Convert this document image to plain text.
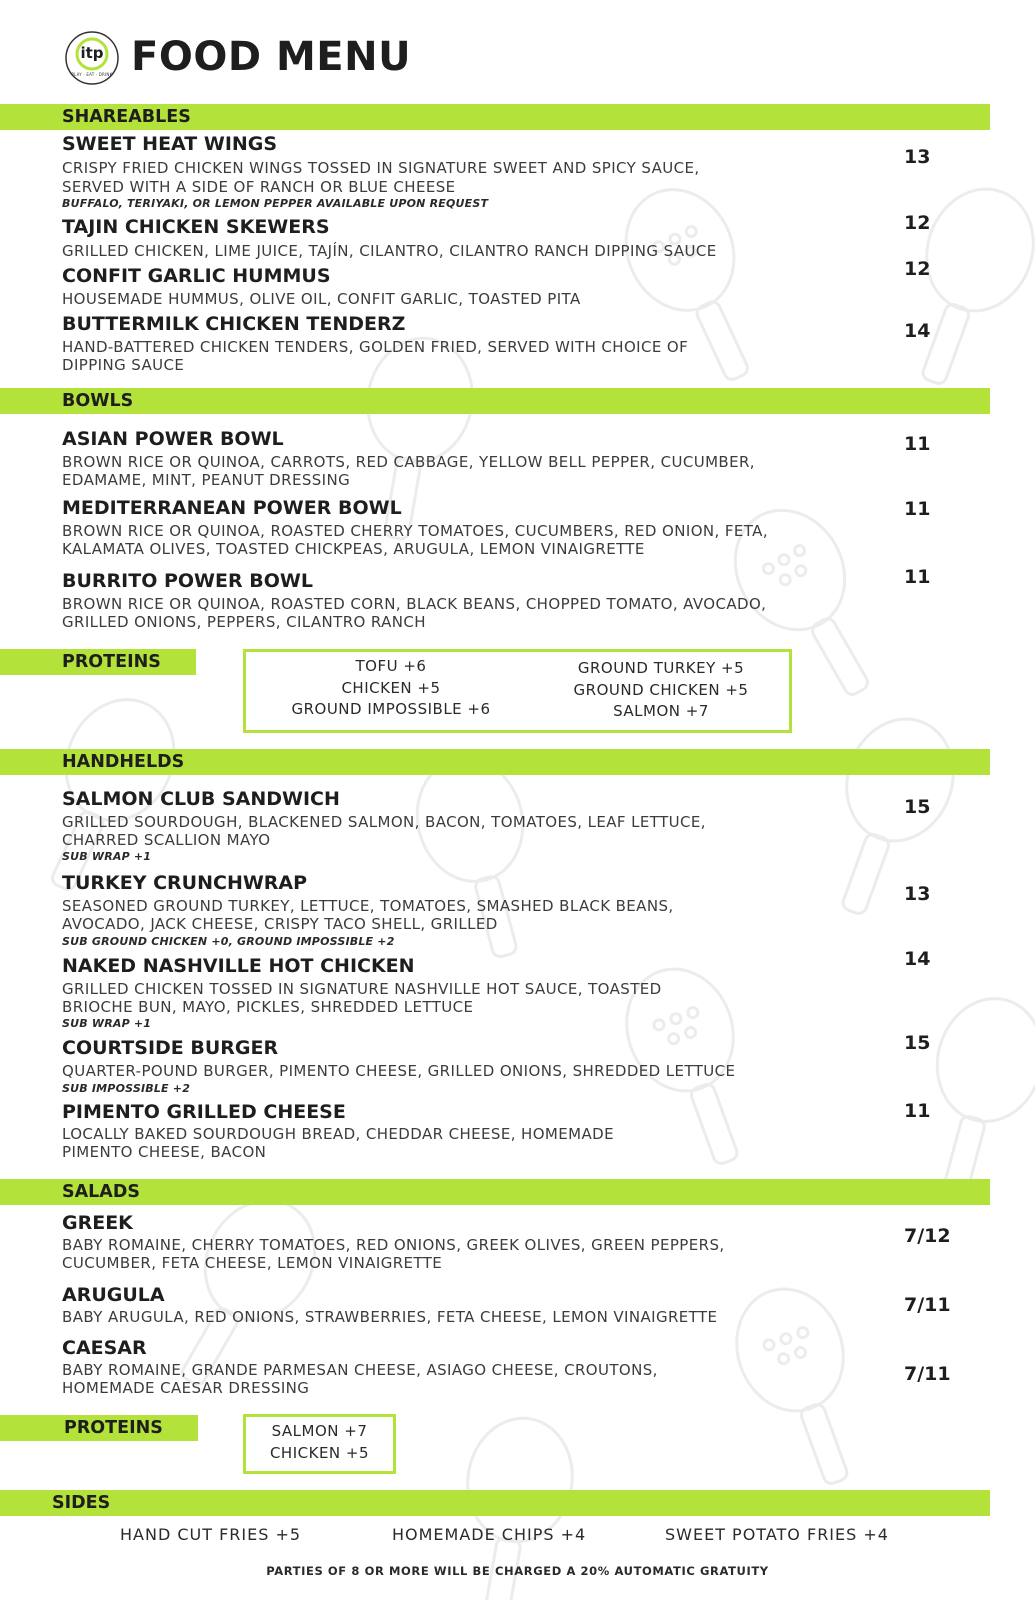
itp
PLAY · EAT · DRINK FOOD MENU
SHAREABLES
SWEET HEAT WINGS
CRISPY FRIED CHICKEN WINGS TOSSED IN SIGNATURE SWEET AND SPICY SAUCE,
SERVED WITH A SIDE OF RANCH OR BLUE CHEESE
BUFFALO, TERIYAKI, OR LEMON PEPPER AVAILABLE UPON REQUEST
13
TAJIN CHICKEN SKEWERS
GRILLED CHICKEN, LIME JUICE, TAJÍN, CILANTRO, CILANTRO RANCH DIPPING SAUCE
12
CONFIT GARLIC HUMMUS
HOUSEMADE HUMMUS, OLIVE OIL, CONFIT GARLIC, TOASTED PITA
12
BUTTERMILK CHICKEN TENDERZ
HAND-BATTERED CHICKEN TENDERS, GOLDEN FRIED, SERVED WITH CHOICE OF
DIPPING SAUCE
14
BOWLS
ASIAN POWER BOWL
BROWN RICE OR QUINOA, CARROTS, RED CABBAGE, YELLOW BELL PEPPER, CUCUMBER,
EDAMAME, MINT, PEANUT DRESSING
11
MEDITERRANEAN POWER BOWL
BROWN RICE OR QUINOA, ROASTED CHERRY TOMATOES, CUCUMBERS, RED ONION, FETA,
KALAMATA OLIVES, TOASTED CHICKPEAS, ARUGULA, LEMON VINAIGRETTE
11
BURRITO POWER BOWL
BROWN RICE OR QUINOA, ROASTED CORN, BLACK BEANS, CHOPPED TOMATO, AVOCADO,
GRILLED ONIONS, PEPPERS, CILANTRO RANCH
11
PROTEINS	TOFU +6
CHICKEN +5
GROUND IMPOSSIBLE +6
GROUND TURKEY +5
GROUND CHICKEN +5
SALMON +7
HANDHELDS
SALMON CLUB SANDWICH
GRILLED SOURDOUGH, BLACKENED SALMON, BACON, TOMATOES, LEAF LETTUCE,
CHARRED SCALLION MAYO
SUB WRAP +1
15
TURKEY CRUNCHWRAP
SEASONED GROUND TURKEY, LETTUCE, TOMATOES, SMASHED BLACK BEANS,
AVOCADO, JACK CHEESE, CRISPY TACO SHELL, GRILLED
SUB GROUND CHICKEN +0, GROUND IMPOSSIBLE +2
13
NAKED NASHVILLE HOT CHICKEN
GRILLED CHICKEN TOSSED IN SIGNATURE NASHVILLE HOT SAUCE, TOASTED
BRIOCHE BUN, MAYO, PICKLES, SHREDDED LETTUCE
SUB WRAP +1
14
COURTSIDE BURGER
QUARTER-POUND BURGER, PIMENTO CHEESE, GRILLED ONIONS, SHREDDED LETTUCE
SUB IMPOSSIBLE +2
15
PIMENTO GRILLED CHEESE
LOCALLY BAKED SOURDOUGH BREAD, CHEDDAR CHEESE, HOMEMADE
PIMENTO CHEESE, BACON
11
SALADS
GREEK
BABY ROMAINE, CHERRY TOMATOES, RED ONIONS, GREEK OLIVES, GREEN PEPPERS,
CUCUMBER, FETA CHEESE, LEMON VINAIGRETTE
7/12
ARUGULA
BABY ARUGULA, RED ONIONS, STRAWBERRIES, FETA CHEESE, LEMON VINAIGRETTE
7/11
CAESAR
BABY ROMAINE, GRANDE PARMESAN CHEESE, ASIAGO CHEESE, CROUTONS,
HOMEMADE CAESAR DRESSING
7/11
PROTEINS	SALMON +7
CHICKEN +5
SIDES
HAND CUT FRIES +5	HOMEMADE CHIPS +4	SWEET POTATO FRIES +4
PARTIES OF 8 OR MORE WILL BE CHARGED A 20% AUTOMATIC GRATUITY
